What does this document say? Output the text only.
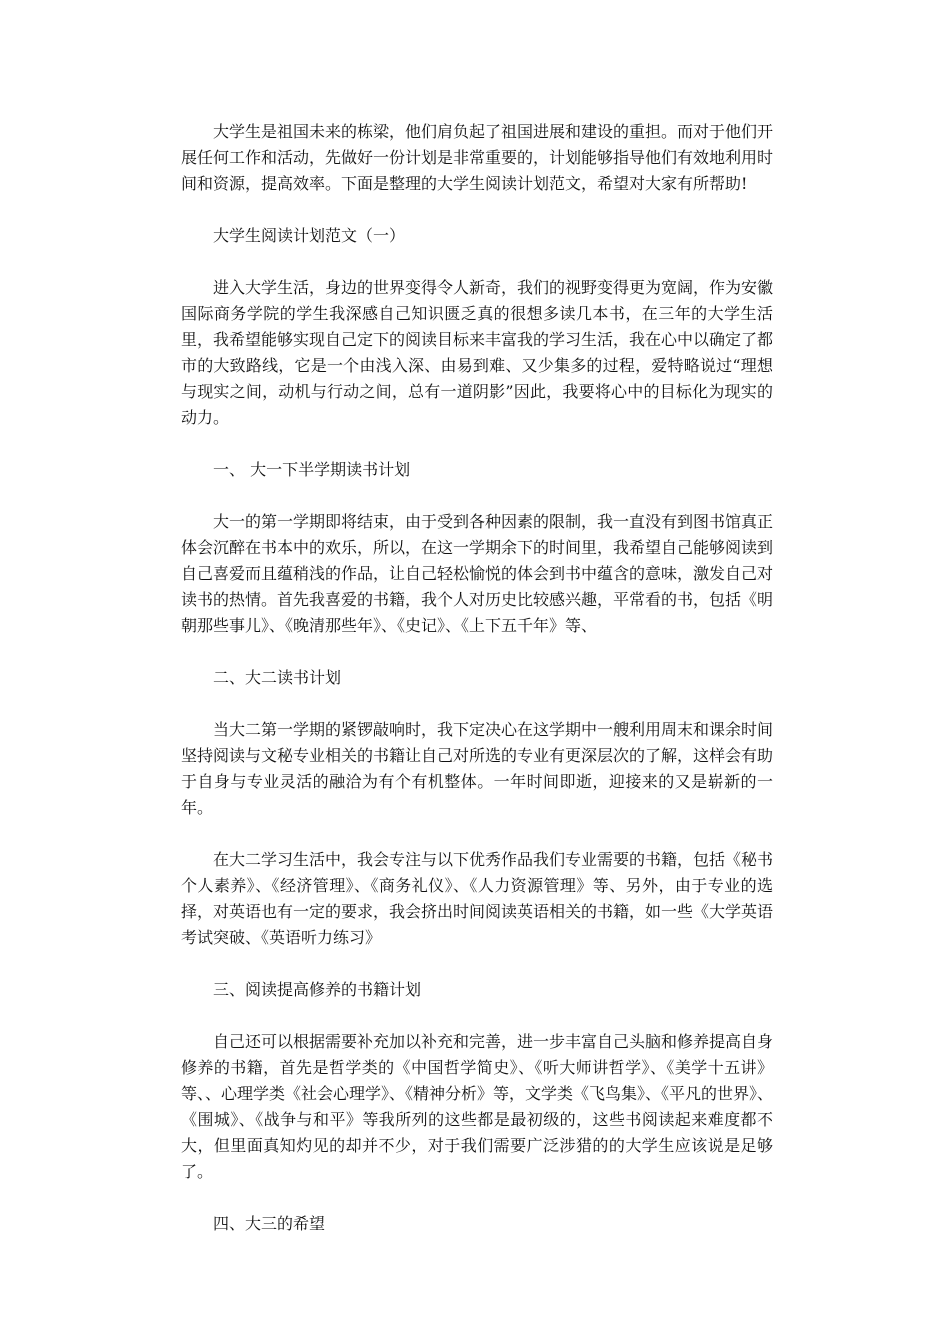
大学生是祖国未来的栋梁，他们肩负起了祖国进展和建设的重担。而对于他们开展任何工作和活动，先做好一份计划是非常重要的，计划能够指导他们有效地利用时间和资源，提高效率。下面是整理的大学生阅读计划范文，希望对大家有所帮助!

大学生阅读计划范文（一）

进入大学生活，身边的世界变得令人新奇，我们的视野变得更为宽阔，作为安徽国际商务学院的学生我深感自己知识匮乏真的很想多读几本书，在三年的大学生活里，我希望能够实现自己定下的阅读目标来丰富我的学习生活，我在心中以确定了都市的大致路线，它是一个由浅入深、由易到难、又少集多的过程，爱特略说过“理想与现实之间，动机与行动之间，总有一道阴影”因此，我要将心中的目标化为现实的动力。

一、 大一下半学期读书计划

大一的第一学期即将结束，由于受到各种因素的限制，我一直没有到图书馆真正体会沉醉在书本中的欢乐，所以，在这一学期余下的时间里，我希望自己能够阅读到自己喜爱而且蕴稍浅的作品，让自己轻松愉悦的体会到书中蕴含的意味，激发自己对读书的热情。首先我喜爱的书籍，我个人对历史比较感兴趣，平常看的书，包括《明朝那些事儿》、《晚清那些年》、《史记》、《上下五千年》等、

二、大二读书计划

当大二第一学期的紧锣敲响时，我下定决心在这学期中一艘利用周末和课余时间坚持阅读与文秘专业相关的书籍让自己对所选的专业有更深层次的了解，这样会有助于自身与专业灵活的融洽为有个有机整体。一年时间即逝，迎接来的又是崭新的一年。

在大二学习生活中，我会专注与以下优秀作品我们专业需要的书籍，包括《秘书个人素养》、《经济管理》、《商务礼仪》、《人力资源管理》等、另外，由于专业的选择，对英语也有一定的要求，我会挤出时间阅读英语相关的书籍，如一些《大学英语考试突破、《英语听力练习》

三、阅读提高修养的书籍计划

自己还可以根据需要补充加以补充和完善，进一步丰富自己头脑和修养提高自身修养的书籍，首先是哲学类的《中国哲学简史》、《听大师讲哲学》、《美学十五讲》等、、心理学类《社会心理学》、《精神分析》等，文学类《飞鸟集》、《平凡的世界》、《围城》、《战争与和平》等我所列的这些都是最初级的，这些书阅读起来难度都不大，但里面真知灼见的却并不少，对于我们需要广泛涉猎的的大学生应该说是足够了。

四、大三的希望
